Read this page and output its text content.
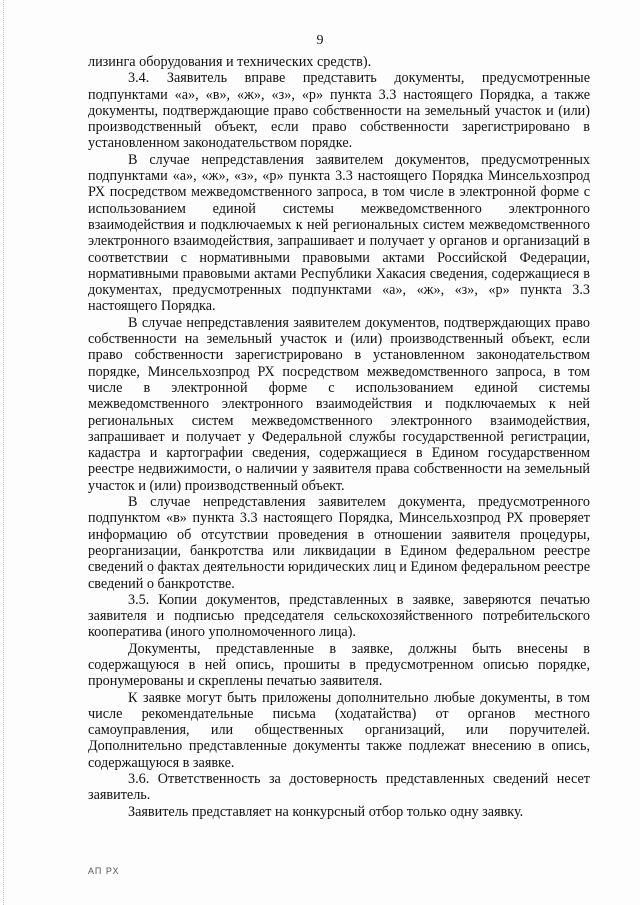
9

лизинга оборудования и технических средств).

3.4. Заявитель вправе представить документы, предусмотренные подпунктами «а», «в», «ж», «з», «р» пункта 3.3 настоящего Порядка, а также документы, подтверждающие право собственности на земельный участок и (или) производственный объект, если право собственности зарегистрировано в установленном законодательством порядке.

В случае непредставления заявителем документов, предусмотренных подпунктами «а», «ж», «з», «р» пункта 3.3 настоящего Порядка Минсельхозпрод РХ посредством межведомственного запроса, в том числе в электронной форме с использованием единой системы межведомственного электронного взаимодействия и подключаемых к ней региональных систем межведомственного электронного взаимодействия, запрашивает и получает у органов и организаций в соответствии с нормативными правовыми актами Российской Федерации, нормативными правовыми актами Республики Хакасия сведения, содержащиеся в документах, предусмотренных подпунктами «а», «ж», «з», «р» пункта 3.3 настоящего Порядка.

В случае непредставления заявителем документов, подтверждающих право собственности на земельный участок и (или) производственный объект, если право собственности зарегистрировано в установленном законодательством порядке, Минсельхозпрод РХ посредством межведомственного запроса, в том числе в электронной форме с использованием единой системы межведомственного электронного взаимодействия и подключаемых к ней региональных систем межведомственного электронного взаимодействия, запрашивает и получает у Федеральной службы государственной регистрации, кадастра и картографии сведения, содержащиеся в Едином государственном реестре недвижимости, о наличии у заявителя права собственности на земельный участок и (или) производственный объект.

В случае непредставления заявителем документа, предусмотренного подпунктом «в» пункта 3.3 настоящего Порядка, Минсельхозпрод РХ проверяет информацию об отсутствии проведения в отношении заявителя процедуры, реорганизации, банкротства или ликвидации в Едином федеральном реестре сведений о фактах деятельности юридических лиц и Едином федеральном реестре сведений о банкротстве.

3.5. Копии документов, представленных в заявке, заверяются печатью заявителя и подписью председателя сельскохозяйственного потребительского кооператива (иного уполномоченного лица).

Документы, представленные в заявке, должны быть внесены в содержащуюся в ней опись, прошиты в предусмотренном описью порядке, пронумерованы и скреплены печатью заявителя.

К заявке могут быть приложены дополнительно любые документы, в том числе рекомендательные письма (ходатайства) от органов местного самоуправления, или общественных организаций, или поручителей. Дополнительно представленные документы также подлежат внесению в опись, содержащуюся в заявке.

3.6. Ответственность за достоверность представленных сведений несет заявитель.

Заявитель представляет на конкурсный отбор только одну заявку.

АП РХ
